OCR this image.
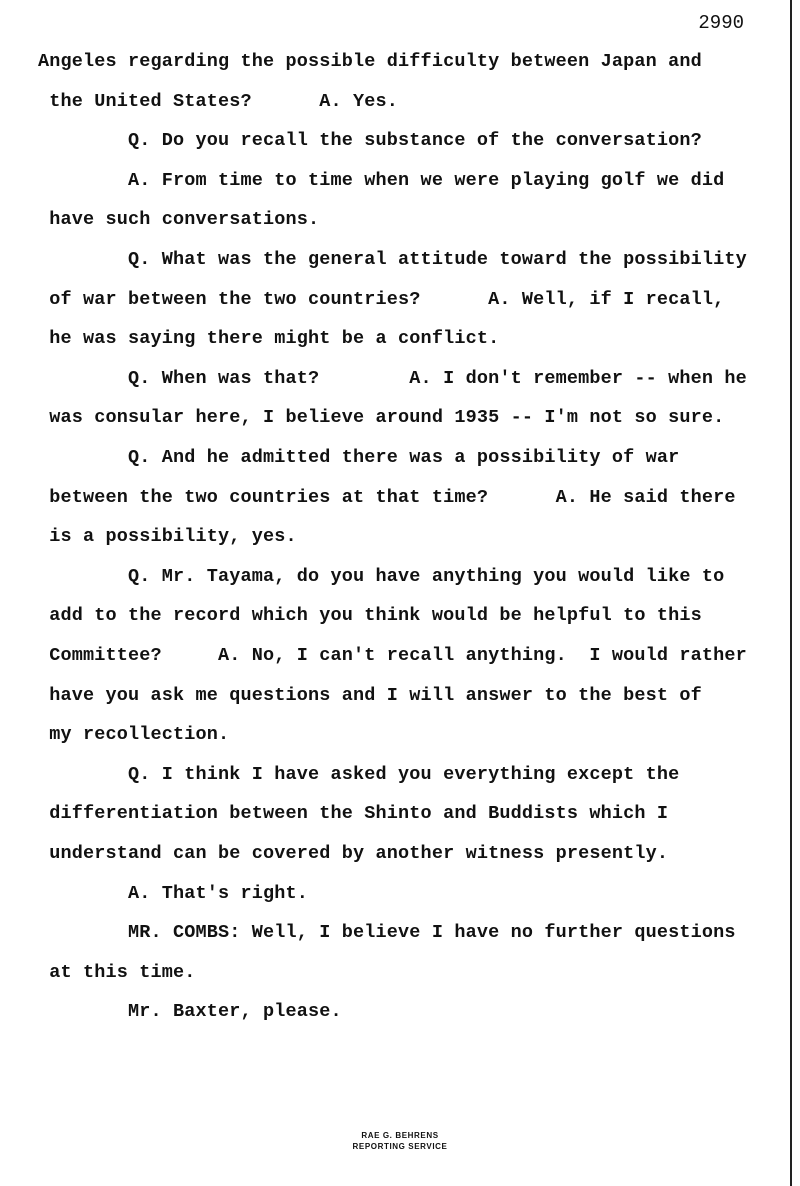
2990
Angeles regarding the possible difficulty between Japan and
the United States?      A. Yes.
Q. Do you recall the substance of the conversation?
A. From time to time when we were playing golf we did
have such conversations.
Q. What was the general attitude toward the possibility
of war between the two countries?      A. Well, if I recall,
he was saying there might be a conflict.
Q. When was that?        A. I don't remember -- when he
was consular here, I believe around 1935 -- I'm not so sure.
Q. And he admitted there was a possibility of war
between the two countries at that time?      A. He said there
is a possibility, yes.
Q. Mr. Tayama, do you have anything you would like to
add to the record which you think would be helpful to this
Committee?     A. No, I can't recall anything.  I would rather
have you ask me questions and I will answer to the best of
my recollection.
Q. I think I have asked you everything except the
differentiation between the Shinto and Buddists which I
understand can be covered by another witness presently.
A. That's right.
MR. COMBS: Well, I believe I have no further questions
at this time.
Mr. Baxter, please.
RAE G. BEHRENS
REPORTING SERVICE
